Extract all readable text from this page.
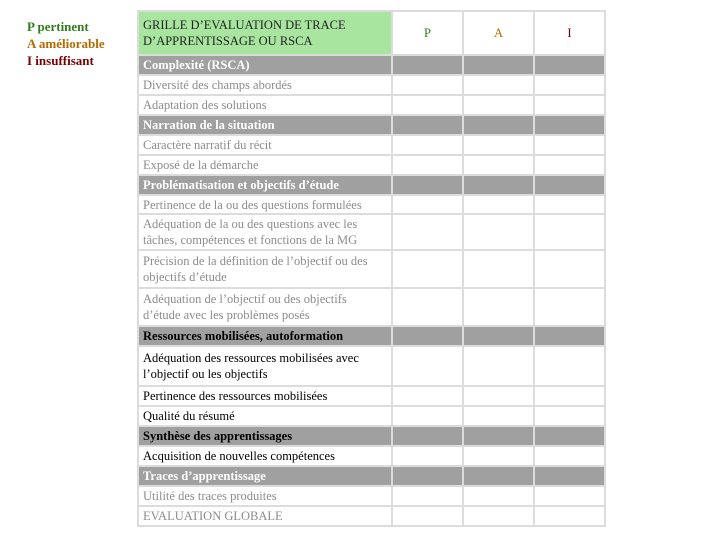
P pertinent
A améliorable
I insuffisant
GRILLE D’EVALUATION DE TRACE D’APPRENTISSAGE OU RSCA	P	A	I
Complexité (RSCA)			
Diversité des champs abordés			
Adaptation des solutions			
Narration de la situation			
Caractère narratif du récit			
Exposé de la démarche			
Problématisation et objectifs d’étude			
Pertinence de la ou des questions formulées			
Adéquation de la ou des questions avec les tâches, compétences et fonctions de la MG			
Précision de la définition de l’objectif ou des objectifs d’étude			
Adéquation de l’objectif ou des objectifs d’étude avec les problèmes posés			
Ressources mobilisées, autoformation			
Adéquation des ressources mobilisées avec l’objectif ou les objectifs			
Pertinence des ressources mobilisées			
Qualité du résumé			
Synthèse des apprentissages			
Acquisition de nouvelles compétences			
Traces d’apprentissage			
Utilité des traces produites			
EVALUATION GLOBALE			
